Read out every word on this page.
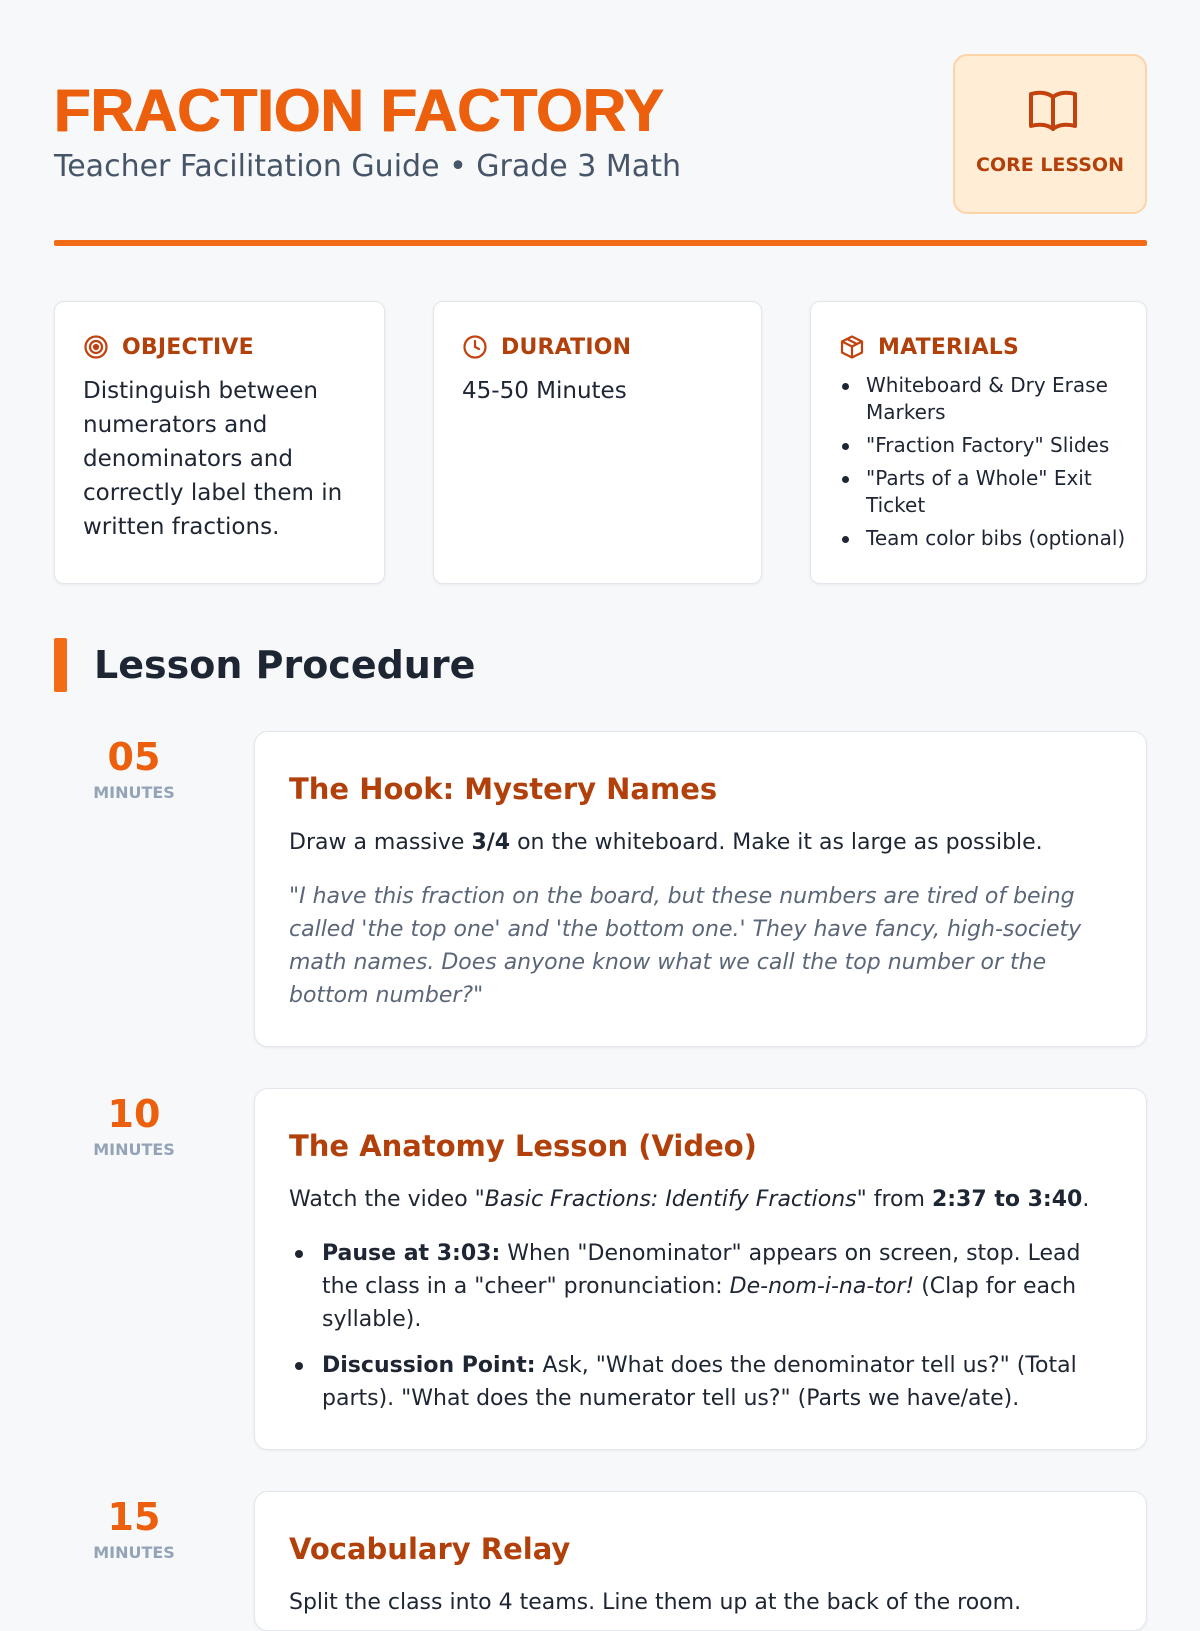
FRACTION FACTORY
Teacher Facilitation Guide • Grade 3 Math	CORE LESSON
OBJECTIVE
Distinguish between numerators and denominators and correctly label them in written fractions.
DURATION
45-50 Minutes
MATERIALS
Whiteboard & Dry Erase Markers
"Fraction Factory" Slides
"Parts of a Whole" Exit Ticket
Team color bibs (optional)
Lesson Procedure
05
MINUTES	The Hook: Mystery Names
Draw a massive 3/4 on the whiteboard. Make it as large as possible.
"I have this fraction on the board, but these numbers are tired of being called 'the top one' and 'the bottom one.' They have fancy, high-society math names. Does anyone know what we call the top number or the bottom number?"
10
MINUTES	The Anatomy Lesson (Video)
Watch the video "Basic Fractions: Identify Fractions" from 2:37 to 3:40.
Pause at 3:03: When "Denominator" appears on screen, stop. Lead the class in a "cheer" pronunciation: De-nom-i-na-tor! (Clap for each syllable).
Discussion Point: Ask, "What does the denominator tell us?" (Total parts). "What does the numerator tell us?" (Parts we have/ate).
15
MINUTES	Vocabulary Relay
Split the class into 4 teams. Line them up at the back of the room.
